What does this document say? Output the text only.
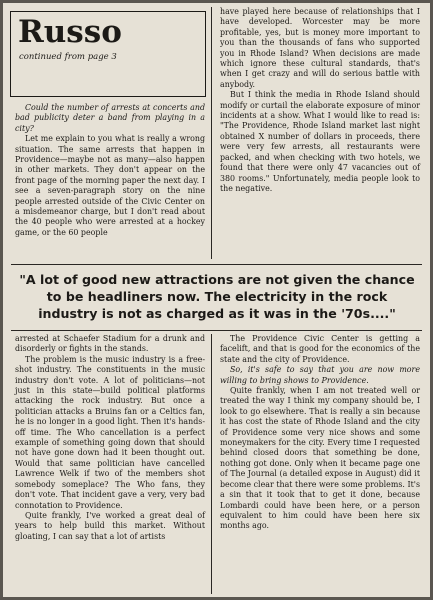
Russo
continued from page 3

Could the number of arrests at concerts and bad publicity deter a band from playing in a city?

Let me explain to you what is really a wrong situation. The same arrests that happen in Providence—maybe not as many—also happen in other markets. They don't appear on the front page of the morning paper the next day. I see a seven-paragraph story on the nine people arrested outside of the Civic Center on a misdemeanor charge, but I don't read about the 40 people who were arrested at a hockey game, or the 60 people

have played here because of relationships that I have developed. Worcester may be more profitable, yes, but is money more important to you than the thousands of fans who supported you in Rhode Island? When decisions are made which ignore these cultural standards, that's when I get crazy and will do serious battle with anybody.

But I think the media in Rhode Island should modify or curtail the elaborate exposure of minor incidents at a show. What I would like to read is: "The Providence, Rhode Island market last night obtained X number of dollars in proceeds, there were very few arrests, all restaurants were packed, and when checking with two hotels, we found that there were only 47 vacancies out of 380 rooms." Unfortunately, media people look to the negative.

"A lot of good new attractions are not given the chance to be headliners now. The electricity in the rock industry is not as charged as it was in the '70s...."

arrested at Schaefer Stadium for a drunk and disorderly or fights in the stands.

The problem is the music industry is a free-shot industry. The constituents in the music industry don't vote. A lot of politicians—not just in this state—build political platforms attacking the rock industry. But once a politician attacks a Bruins fan or a Celtics fan, he is no longer in a good light. Then it's hands-off time. The Who cancellation is a perfect example of something going down that should not have gone down had it been thought out. Would that same politician have cancelled Lawrence Welk if two of the members shot somebody someplace? The Who fans, they don't vote. That incident gave a very, very bad connotation to Providence.

Quite frankly, I've worked a great deal of years to help build this market. Without gloating, I can say that a lot of artists

The Providence Civic Center is getting a facelift, and that is good for the economics of the state and the city of Providence.

So, it's safe to say that you are now more willing to bring shows to Providence.

Quite frankly, when I am not treated well or treated the way I think my company should be, I look to go elsewhere. That is really a sin because it has cost the state of Rhode Island and the city of Providence some very nice shows and some moneymakers for the city. Every time I requested behind closed doors that something be done, nothing got done. Only when it became page one of The Journal (a detailed expose in August) did it become clear that there were some problems. It's a sin that it took that to get it done, because Lombardi could have been here, or a person equivalent to him could have been here six months ago.
